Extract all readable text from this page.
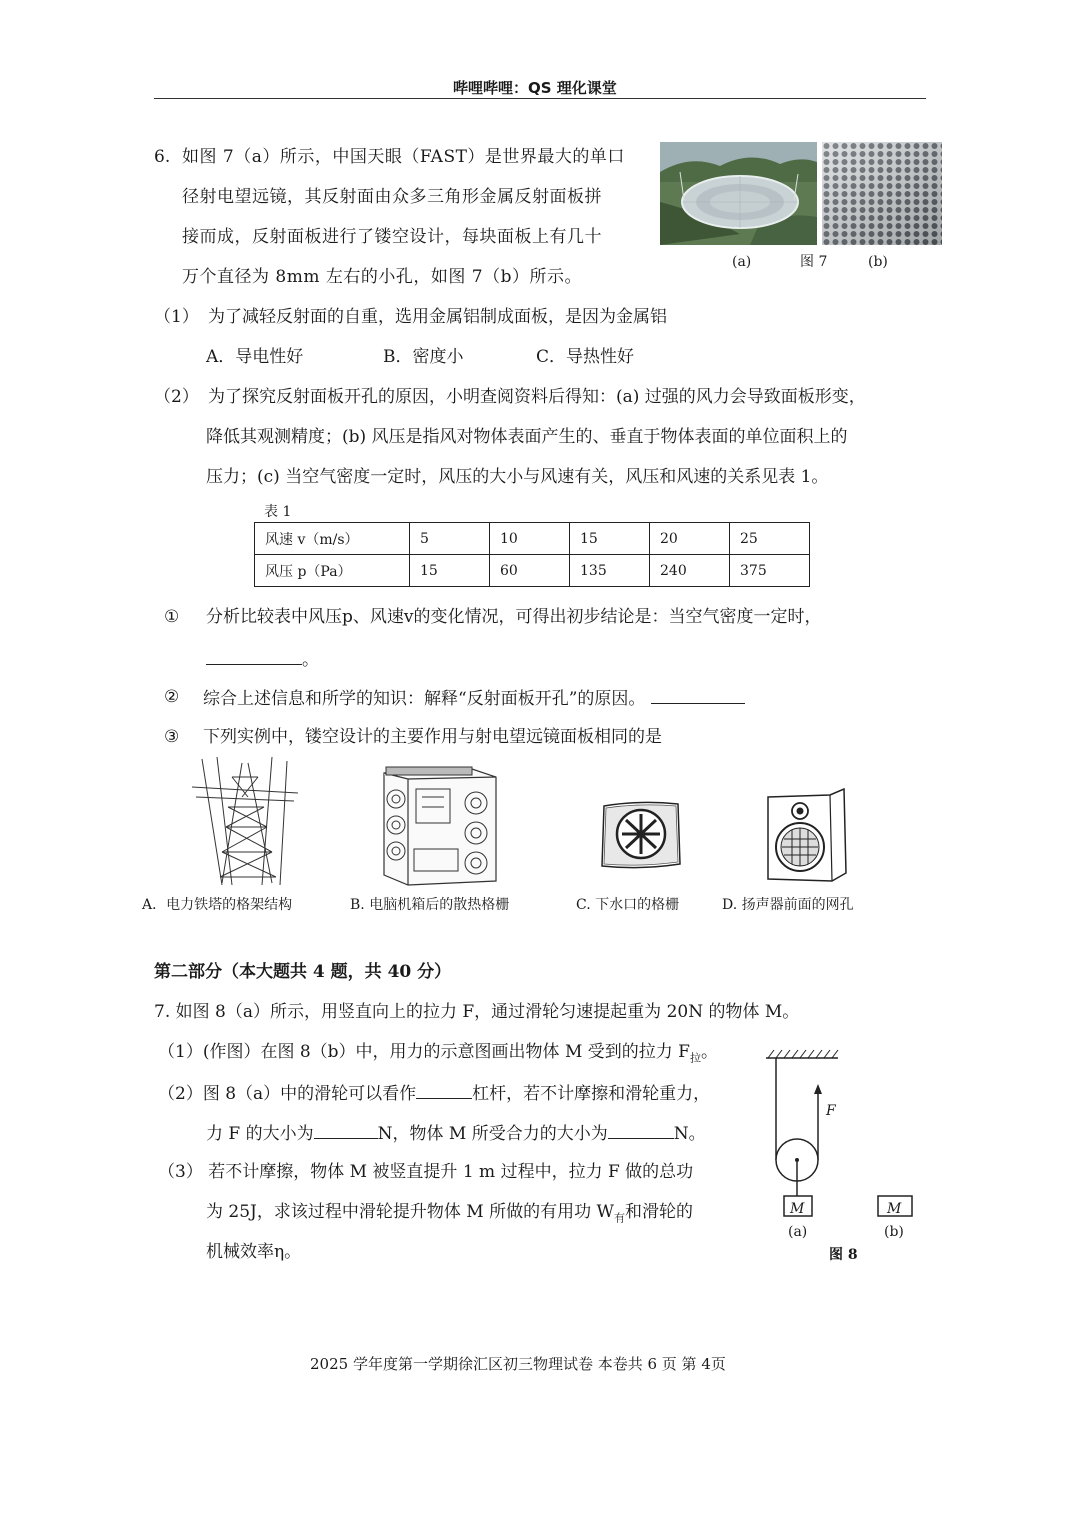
哔哩哔哩：QS 理化课堂
6. 如图 7（a）所示，中国天眼（FAST）是世界最大的单口
径射电望远镜，其反射面由众多三角形金属反射面板拼
接而成，反射面板进行了镂空设计，每块面板上有几十
万个直径为 8mm 左右的小孔，如图 7（b）所示。
(a)	图 7	(b)
（1） 为了减轻反射面的自重，选用金属铝制成面板，是因为金属铝
A．导电性好	B．密度小	C．导热性好
（2） 为了探究反射面板开孔的原因，小明查阅资料后得知：(a) 过强的风力会导致面板形变，
降低其观测精度；(b) 风压是指风对物体表面产生的、垂直于物体表面的单位面积上的
压力；(c) 当空气密度一定时，风压的大小与风速有关，风压和风速的关系见表 1。
表 1
风速 v（m/s）	5	10	15	20	25
风压 p（Pa）	15	60	135	240	375
① 分析比较表中风压p、风速v的变化情况，可得出初步结论是：当空气密度一定时，
。
② 综合上述信息和所学的知识：解释“反射面板开孔”的原因。
③ 下列实例中，镂空设计的主要作用与射电望远镜面板相同的是
A．电力铁塔的格架结构	B. 电脑机箱后的散热格栅	C. 下水口的格栅	D. 扬声器前面的网孔
第二部分（本大题共 4 题，共 40 分）
7. 如图 8（a）所示，用竖直向上的拉力 F，通过滑轮匀速提起重为 20N 的物体 M。
（1）(作图）在图 8（b）中，用力的示意图画出物体 M 受到的拉力 $F_拉$。
（2）图 8（a）中的滑轮可以看作	杠杆，若不计摩擦和滑轮重力，
力 F 的大小为	N，物体 M 所受合力的大小为	N。
（3） 若不计摩擦，物体 M 被竖直提升 1 m 过程中，拉力 F 做的总功
为 25J，求该过程中滑轮提升物体 M 所做的有用功 $W_有$和滑轮的
机械效率η。
F
M	M
(a)	(b)
图 8
2025 学年度第一学期徐汇区初三物理试卷 本卷共 6 页 第 4页
